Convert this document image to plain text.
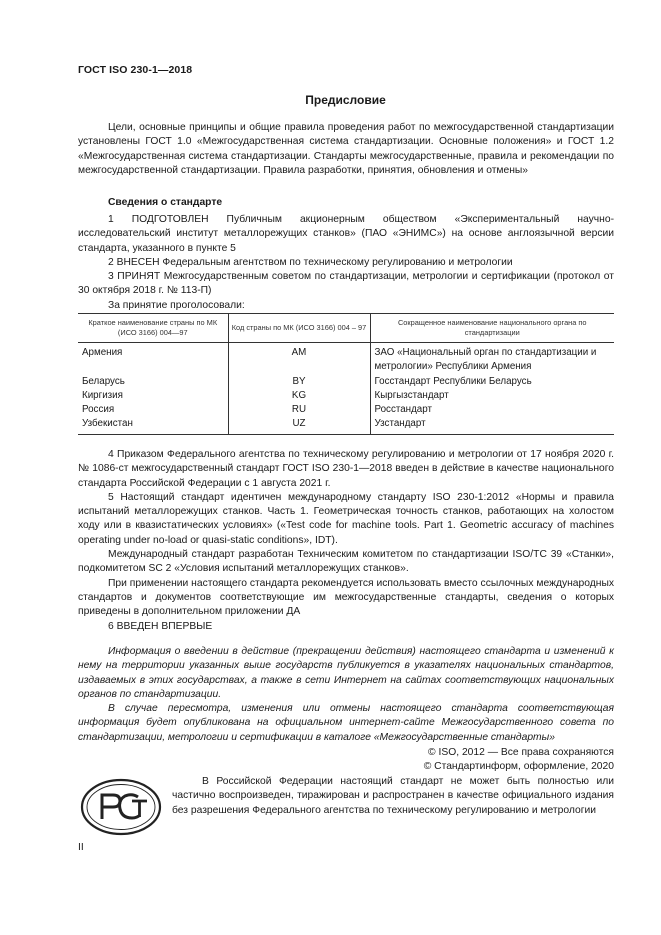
ГОСТ ISO 230-1—2018
Предисловие
Цели, основные принципы и общие правила проведения работ по межгосударственной стандартизации установлены ГОСТ 1.0 «Межгосударственная система стандартизации. Основные положения» и ГОСТ 1.2 «Межгосударственная система стандартизации. Стандарты межгосударственные, правила и рекомендации по межгосударственной стандартизации. Правила разработки, принятия, обновления и отмены»
Сведения о стандарте

1 ПОДГОТОВЛЕН Публичным акционерным обществом «Экспериментальный научно-исследовательский институт металлорежущих станков» (ПАО «ЭНИМС») на основе англоязычной версии стандарта, указанного в пункте 5

2 ВНЕСЕН Федеральным агентством по техническому регулированию и метрологии

3 ПРИНЯТ Межгосударственным советом по стандартизации, метрологии и сертификации (протокол от 30 октября 2018 г. № 113-П)

За принятие проголосовали:

Краткое наименование страны по МК (ИСО 3166) 004—97	Код страны по МК (ИСО 3166) 004 – 97	Сокращенное наименование национального органа по стандартизации
Армения	AM	ЗАО «Национальный орган по стандартизации и метрологии» Республики Армения
Беларусь	BY	Госстандарт Республики Беларусь
Киргизия	KG	Кыргызстандарт
Россия	RU	Росстандарт
Узбекистан	UZ	Узстандарт

4 Приказом Федерального агентства по техническому регулированию и метрологии от 17 ноября 2020 г. № 1086-ст межгосударственный стандарт ГОСТ ISO 230-1—2018 введен в действие в качестве национального стандарта Российской Федерации с 1 августа 2021 г.

5 Настоящий стандарт идентичен международному стандарту ISO 230-1:2012 «Нормы и правила испытаний металлорежущих станков. Часть 1. Геометрическая точность станков, работающих на холостом ходу или в квазистатических условиях» («Test code for machine tools. Part 1. Geometric accuracy of machines operating under no-load or quasi-static conditions», IDT).

Международный стандарт разработан Техническим комитетом по стандартизации ISO/TC 39 «Станки», подкомитетом SC 2 «Условия испытаний металлорежущих станков».

При применении настоящего стандарта рекомендуется использовать вместо ссылочных международных стандартов и документов соответствующие им межгосударственные стандарты, сведения о которых приведены в дополнительном приложении ДА

6 ВВЕДЕН ВПЕРВЫЕ

Информация о введении в действие (прекращении действия) настоящего стандарта и изменений к нему на территории указанных выше государств публикуется в указателях национальных стандартов, издаваемых в этих государствах, а также в сети Интернет на сайтах соответствующих национальных органов по стандартизации.

В случае пересмотра, изменения или отмены настоящего стандарта соответствующая информация будет опубликована на официальном интернет-сайте Межгосударственного совета по стандартизации, метрологии и сертификации в каталоге «Межгосударственные стандарты»

© ISO, 2012 — Все права сохраняются

© Стандартинформ, оформление, 2020

В Российской Федерации настоящий стандарт не может быть полностью или частично воспроизведен, тиражирован и распространен в качестве официального издания без разрешения Федерального агентства по техническому регулированию и метрологии
II
